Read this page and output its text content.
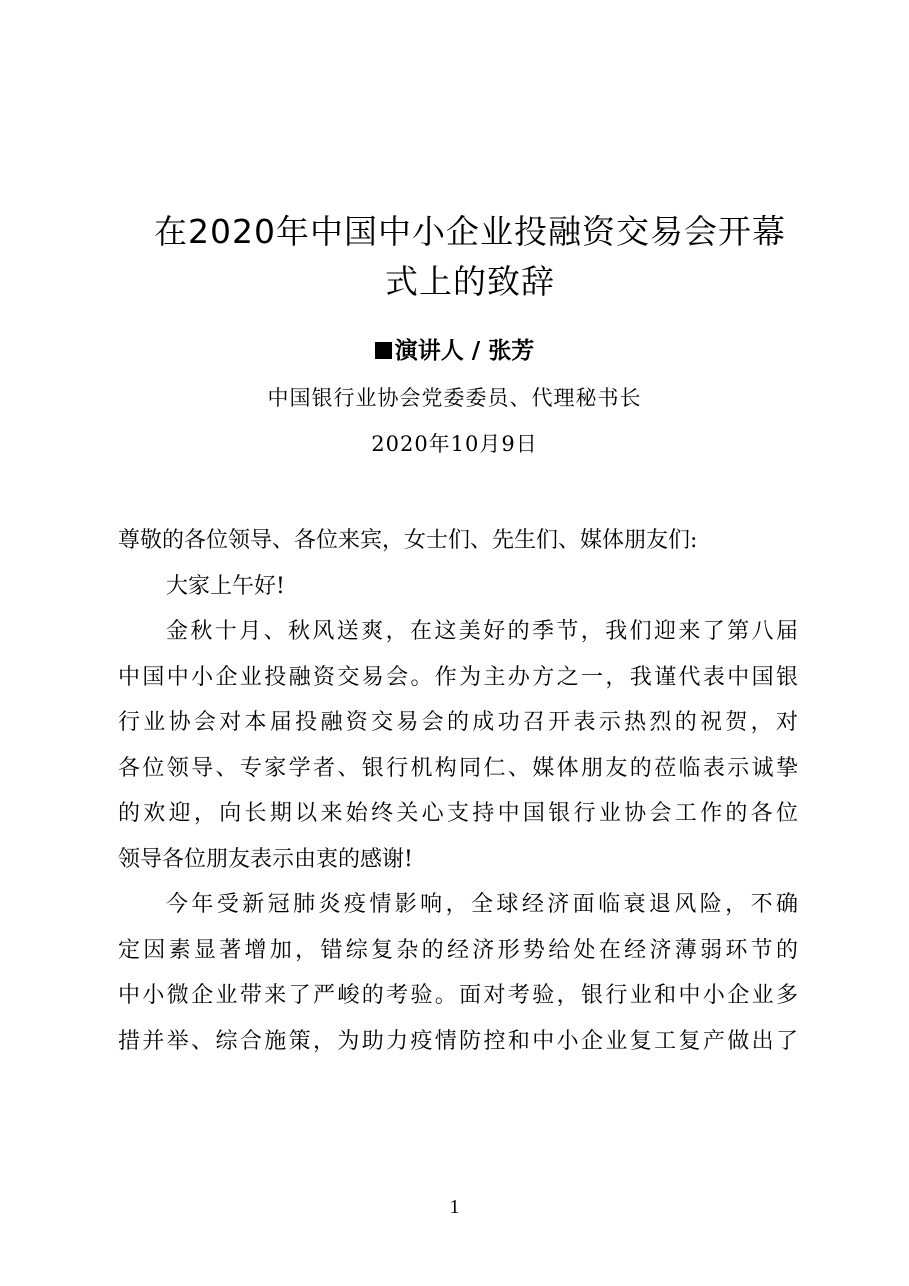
在2020年中国中小企业投融资交易会开幕
式上的致辞
演讲人 / 张芳
中国银行业协会党委委员、代理秘书长
2020年10月9日
尊敬的各位领导、各位来宾，女士们、先生们、媒体朋友们:
大家上午好!
金秋十月、秋风送爽，在这美好的季节，我们迎来了第八届
中国中小企业投融资交易会。作为主办方之一，我谨代表中国银
行业协会对本届投融资交易会的成功召开表示热烈的祝贺，对
各位领导、专家学者、银行机构同仁、媒体朋友的莅临表示诚挚
的欢迎，向长期以来始终关心支持中国银行业协会工作的各位
领导各位朋友表示由衷的感谢!
今年受新冠肺炎疫情影响，全球经济面临衰退风险，不确
定因素显著增加，错综复杂的经济形势给处在经济薄弱环节的
中小微企业带来了严峻的考验。面对考验，银行业和中小企业多
措并举、综合施策，为助力疫情防控和中小企业复工复产做出了
1
